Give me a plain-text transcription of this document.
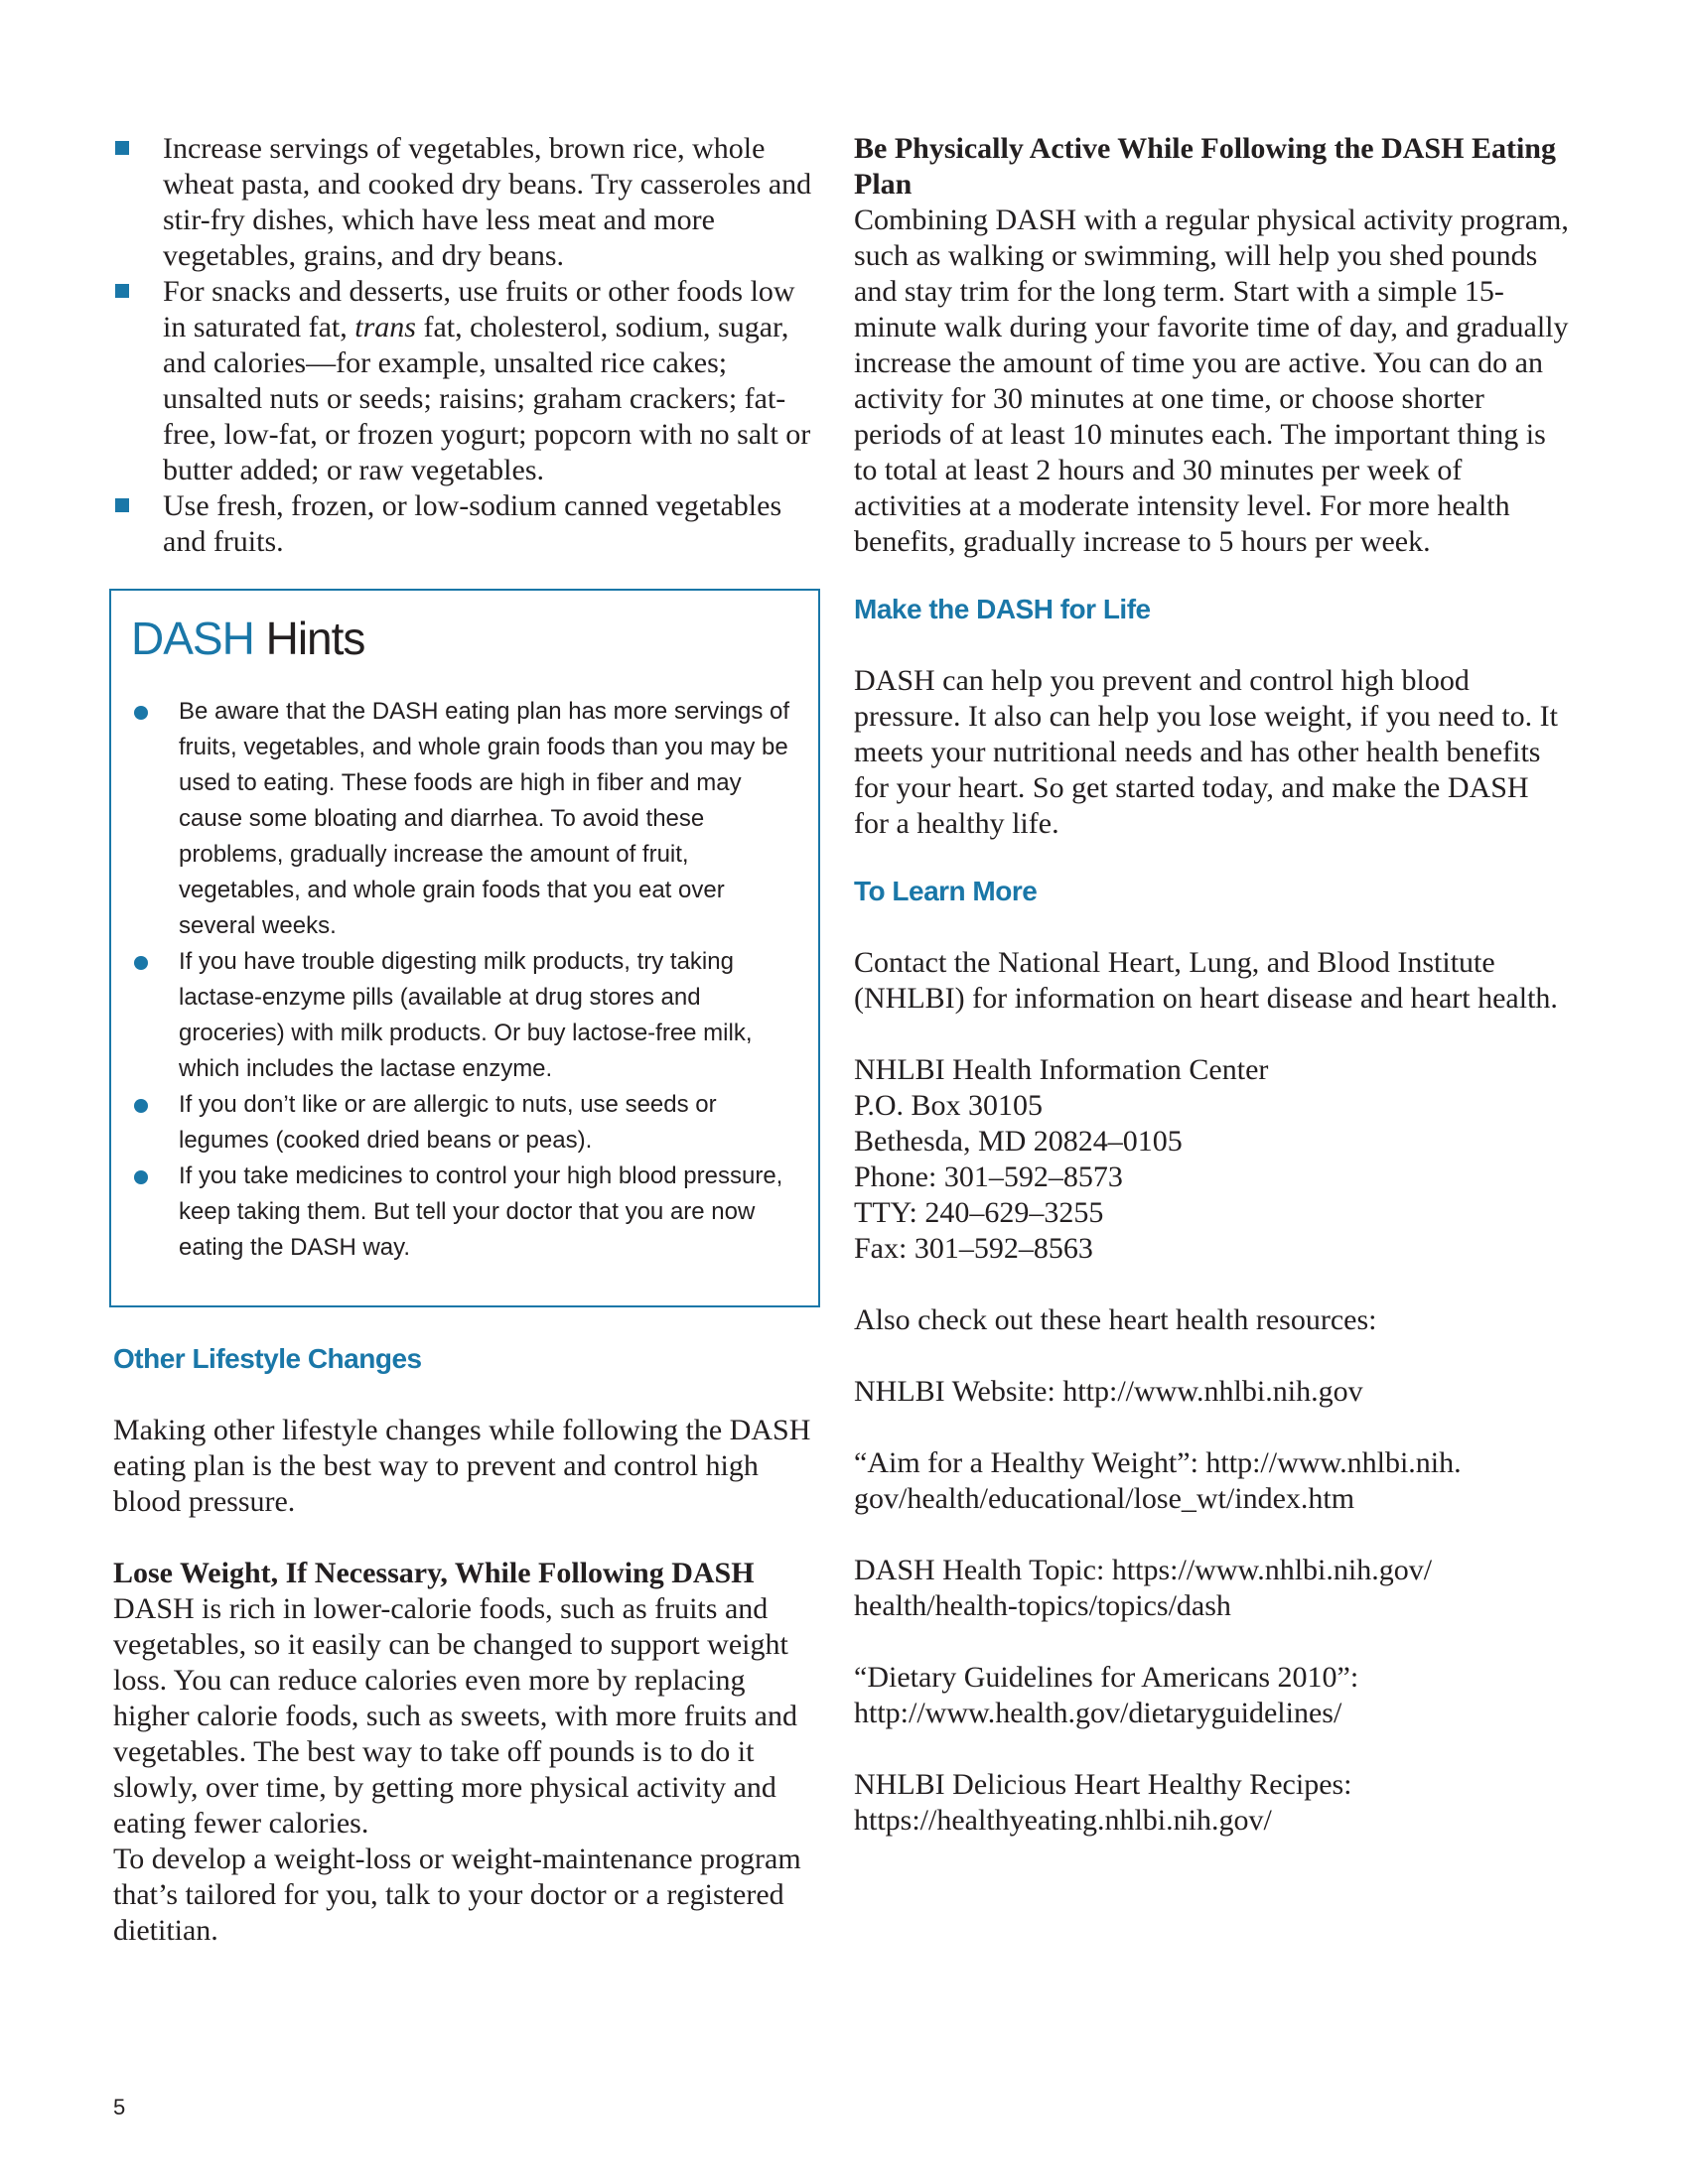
Increase servings of vegetables, brown rice, whole wheat pasta, and cooked dry beans. Try casseroles and stir-fry dishes, which have less meat and more vegetables, grains, and dry beans.
For snacks and desserts, use fruits or other foods low in saturated fat, trans fat, cholesterol, sodium, sugar, and calories—for example, unsalted rice cakes; unsalted nuts or seeds; raisins; graham crackers; fat-free, low-fat, or frozen yogurt; popcorn with no salt or butter added; or raw vegetables.
Use fresh, frozen, or low-sodium canned vegetables and fruits.
DASH Hints
Be aware that the DASH eating plan has more servings of fruits, vegetables, and whole grain foods than you may be used to eating. These foods are high in fiber and may cause some bloating and diarrhea. To avoid these problems, gradually increase the amount of fruit, vegetables, and whole grain foods that you eat over several weeks.
If you have trouble digesting milk products, try taking lactase-enzyme pills (available at drug stores and groceries) with milk products. Or buy lactose-free milk, which includes the lactase enzyme.
If you don’t like or are allergic to nuts, use seeds or legumes (cooked dried beans or peas).
If you take medicines to control your high blood pressure, keep taking them. But tell your doctor that you are now eating the DASH way.
Other Lifestyle Changes

Making other lifestyle changes while following the DASH eating plan is the best way to prevent and control high blood pressure.

Lose Weight, If Necessary, While Following DASH

DASH is rich in lower-calorie foods, such as fruits and vegetables, so it easily can be changed to support weight loss. You can reduce calories even more by replacing higher calorie foods, such as sweets, with more fruits and vegetables. The best way to take off pounds is to do it slowly, over time, by getting more physical activity and eating fewer calories.

To develop a weight-loss or weight-maintenance program that’s tailored for you, talk to your doctor or a registered dietitian.

Be Physically Active While Following the DASH Eating Plan

Combining DASH with a regular physical activity program, such as walking or swimming, will help you shed pounds and stay trim for the long term. Start with a simple 15-minute walk during your favorite time of day, and gradually increase the amount of time you are active. You can do an activity for 30 minutes at one time, or choose shorter periods of at least 10 minutes each. The important thing is to total at least 2 hours and 30 minutes per week of activities at a moderate intensity level. For more health benefits, gradually increase to 5 hours per week.

Make the DASH for Life

DASH can help you prevent and control high blood pressure. It also can help you lose weight, if you need to. It meets your nutritional needs and has other health benefits for your heart. So get started today, and make the DASH for a healthy life.

To Learn More

Contact the National Heart, Lung, and Blood Institute (NHLBI) for information on heart disease and heart health.

NHLBI Health Information Center
P.O. Box 30105
Bethesda, MD 20824–0105
Phone: 301–592–8573
TTY: 240–629–3255
Fax: 301–592–8563

Also check out these heart health resources:

NHLBI Website: http://www.nhlbi.nih.gov
“Aim for a Healthy Weight”: http://www.nhlbi.nih.
gov/health/educational/lose_wt/index.htm
DASH Health Topic: https://www.nhlbi.nih.gov/
health/health-topics/topics/dash
“Dietary Guidelines for Americans 2010”:
http://www.health.gov/dietaryguidelines/
NHLBI Delicious Heart Healthy Recipes:
https://healthyeating.nhlbi.nih.gov/
5
